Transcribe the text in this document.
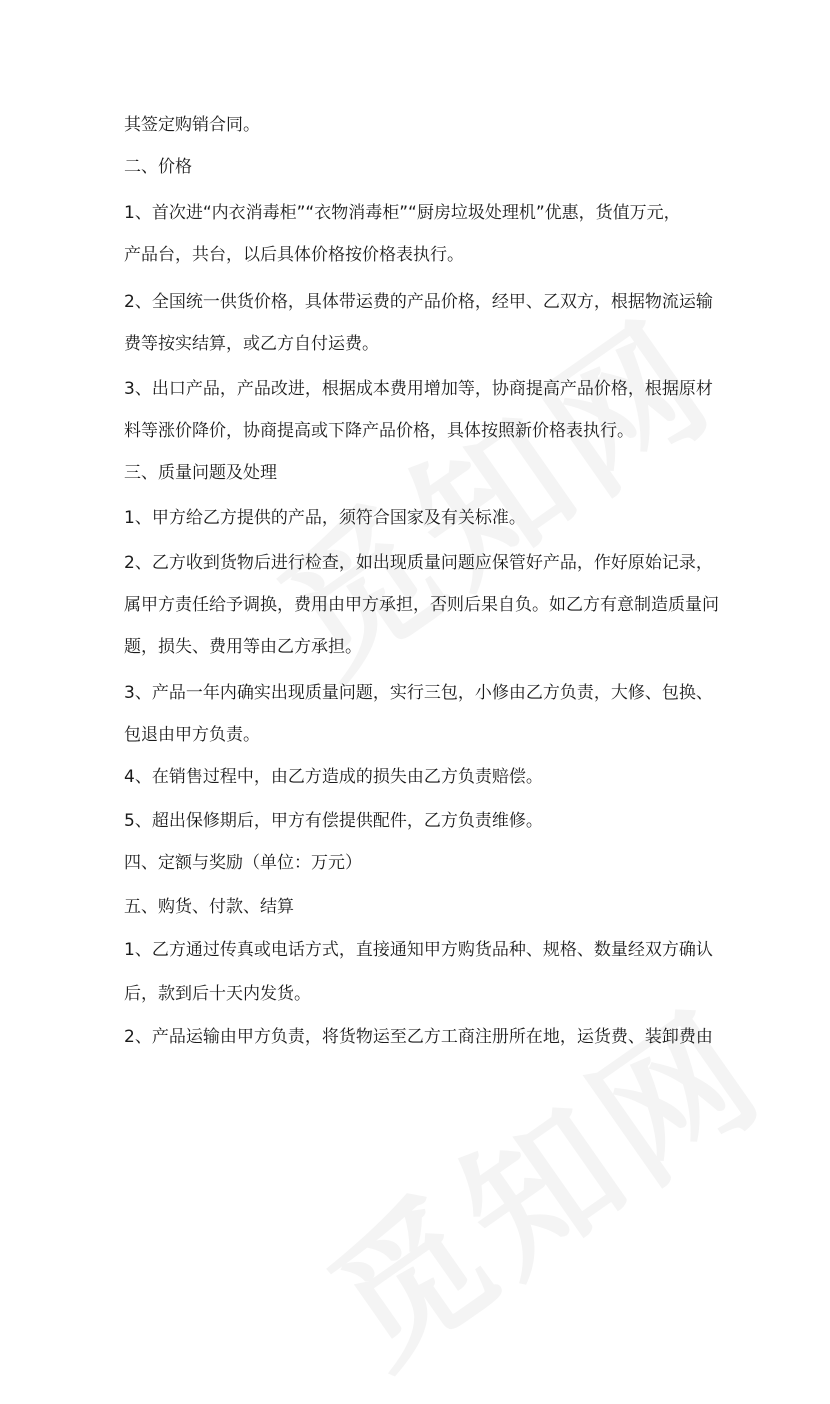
其签定购销合同。
二、价格
1、首次进“内衣消毒柜”“衣物消毒柜”“厨房垃圾处理机”优惠，货值万元，
产品台，共台，以后具体价格按价格表执行。
2、全国统一供货价格，具体带运费的产品价格，经甲、乙双方，根据物流运输
费等按实结算，或乙方自付运费。
3、出口产品，产品改进，根据成本费用增加等，协商提高产品价格，根据原材
料等涨价降价，协商提高或下降产品价格，具体按照新价格表执行。
三、质量问题及处理
1、甲方给乙方提供的产品，须符合国家及有关标准。
2、乙方收到货物后进行检查，如出现质量问题应保管好产品，作好原始记录，
属甲方责任给予调换，费用由甲方承担，否则后果自负。如乙方有意制造质量问
题，损失、费用等由乙方承担。
3、产品一年内确实出现质量问题，实行三包，小修由乙方负责，大修、包换、
包退由甲方负责。
4、在销售过程中，由乙方造成的损失由乙方负责赔偿。
5、超出保修期后，甲方有偿提供配件，乙方负责维修。
四、定额与奖励（单位：万元）
五、购货、付款、结算
1、乙方通过传真或电话方式，直接通知甲方购货品种、规格、数量经双方确认
后，款到后十天内发货。
2、产品运输由甲方负责，将货物运至乙方工商注册所在地，运货费、装卸费由
